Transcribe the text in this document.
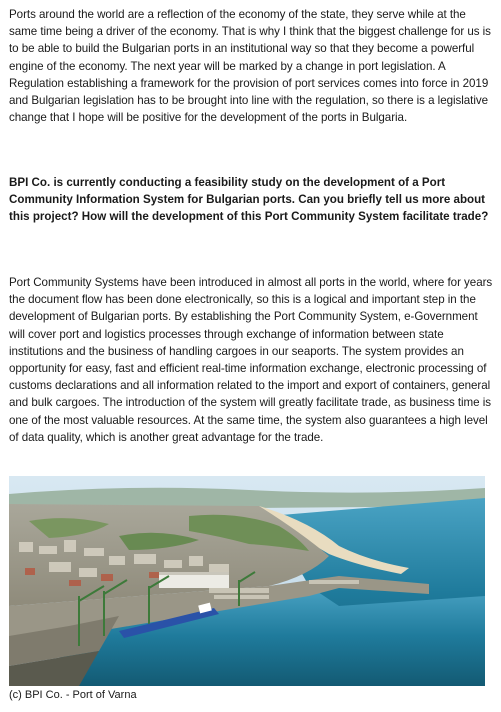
Ports around the world are a reflection of the economy of the state, they serve while at the same time being a driver of the economy. That is why I think that the biggest challenge for us is to be able to build the Bulgarian ports in an institutional way so that they become a powerful engine of the economy. The next year will be marked by a change in port legislation. A Regulation establishing a framework for the provision of port services comes into force in 2019 and Bulgarian legislation has to be brought into line with the regulation, so there is a legislative change that I hope will be positive for the development of the ports in Bulgaria.

BPI Co. is currently conducting a feasibility study on the development of a Port Community Information System for Bulgarian ports. Can you briefly tell us more about this project? How will the development of this Port Community System facilitate trade?

Port Community Systems have been introduced in almost all ports in the world, where for years the document flow has been done electronically, so this is a logical and important step in the development of Bulgarian ports. By establishing the Port Community System, e-Government will cover port and logistics processes through exchange of information between state institutions and the business of handling cargoes in our seaports. The system provides an opportunity for easy, fast and efficient real-time information exchange, electronic processing of customs declarations and all information related to the import and export of containers, general and bulk cargoes. The introduction of the system will greatly facilitate trade, as business time is one of the most valuable resources. At the same time, the system also guarantees a high level of data quality, which is another great advantage for the trade.

(c) BPI Co. - Port of Varna
